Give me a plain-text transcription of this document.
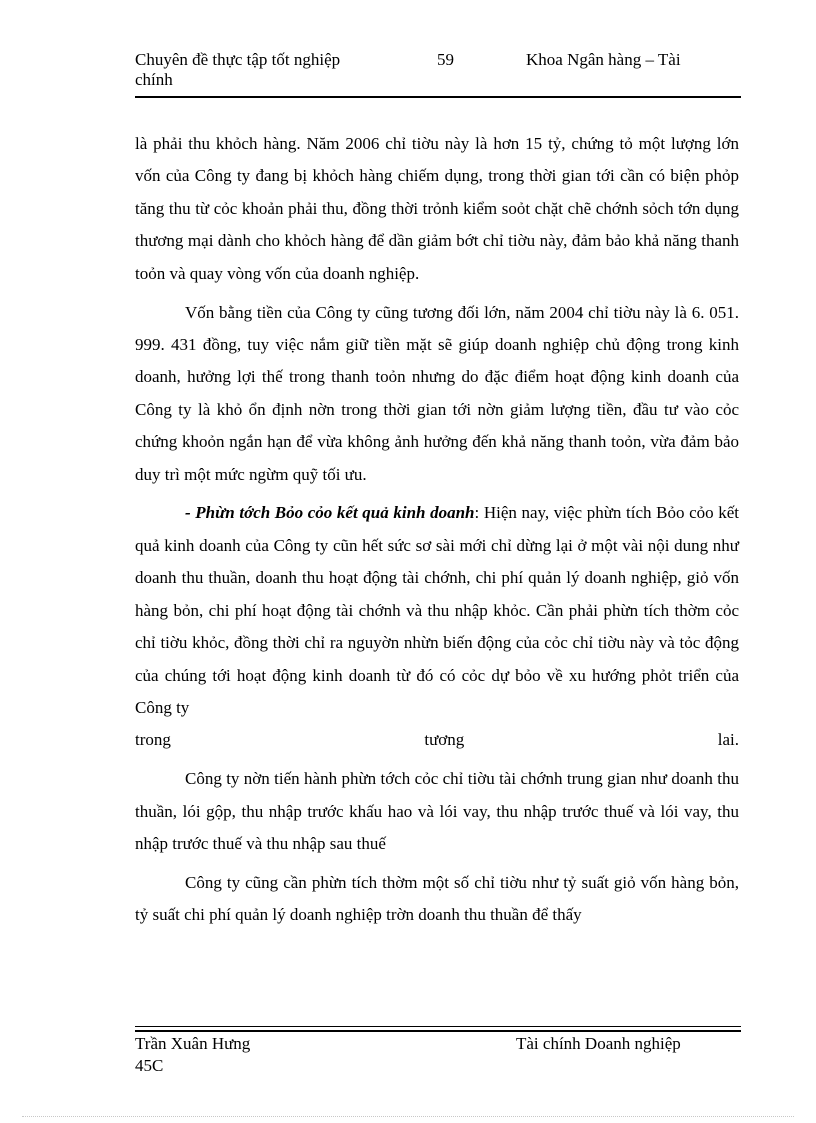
Chuyên đề thực tập tốt nghiệp
chính
59	Khoa Ngân hàng – Tài

là phải thu khỏch hàng. Năm 2006 chỉ tiờu này là hơn 15 tỷ, chứng tỏ một lượng lớn vốn của Công ty đang bị khỏch hàng chiếm dụng, trong thời gian tới cần có biện phỏp tăng thu từ cỏc khoản phải thu, đồng thời trỏnh kiểm soỏt chặt chẽ chớnh sỏch tớn dụng thương mại dành cho khỏch hàng để dần giảm bớt chỉ tiờu này, đảm bảo khả năng thanh toỏn và quay vòng vốn của doanh nghiệp.

Vốn bằng tiền của Công ty cũng tương đối lớn, năm 2004 chỉ tiờu này là 6. 051. 999. 431 đồng, tuy việc nắm giữ tiền mặt sẽ giúp doanh nghiệp chủ động trong kinh doanh, hưởng lợi thế trong thanh toỏn nhưng do đặc điểm hoạt động kinh doanh của Công ty là khỏ ổn định nờn trong thời gian tới nờn giảm lượng tiền, đầu tư vào cỏc chứng khoỏn ngắn hạn để vừa không ảnh hưởng đến khả năng thanh toỏn, vừa đảm bảo duy trì một mức ngừm quỹ tối ưu.

- Phừn tớch Bỏo cỏo kết quả kinh doanh: Hiện nay, việc phừn tích Bỏo cỏo kết quả kinh doanh của Công ty cũn hết sức sơ sài mới chỉ dừng lại ở một vài nội dung như doanh thu thuần, doanh thu hoạt động tài chớnh, chi phí quản lý doanh nghiệp, giỏ vốn hàng bỏn, chi phí hoạt động tài chớnh và thu nhập khỏc. Cần phải phừn tích thờm cỏc chỉ tiờu khỏc, đồng thời chỉ ra nguyờn nhừn biến động của cỏc chỉ tiờu này và tỏc động của chúng tới hoạt động kinh doanh từ đó có cỏc dự bỏo về xu hướng phỏt triển của Công ty

trong	tương	lai.

Công ty nờn tiến hành phừn tớch cỏc chỉ tiờu tài chớnh trung gian như doanh thu thuần, lói gộp, thu nhập trước khấu hao và lói vay, thu nhập trước thuế và lói vay, thu nhập trước thuế và thu nhập sau thuế

Công ty cũng cần phừn tích thờm một số chỉ tiờu như tỷ suất giỏ vốn hàng bỏn, tỷ suất chi phí quản lý doanh nghiệp trờn doanh thu thuần để thấy

Trần Xuân Hưng
45C
Tài chính Doanh nghiệp
